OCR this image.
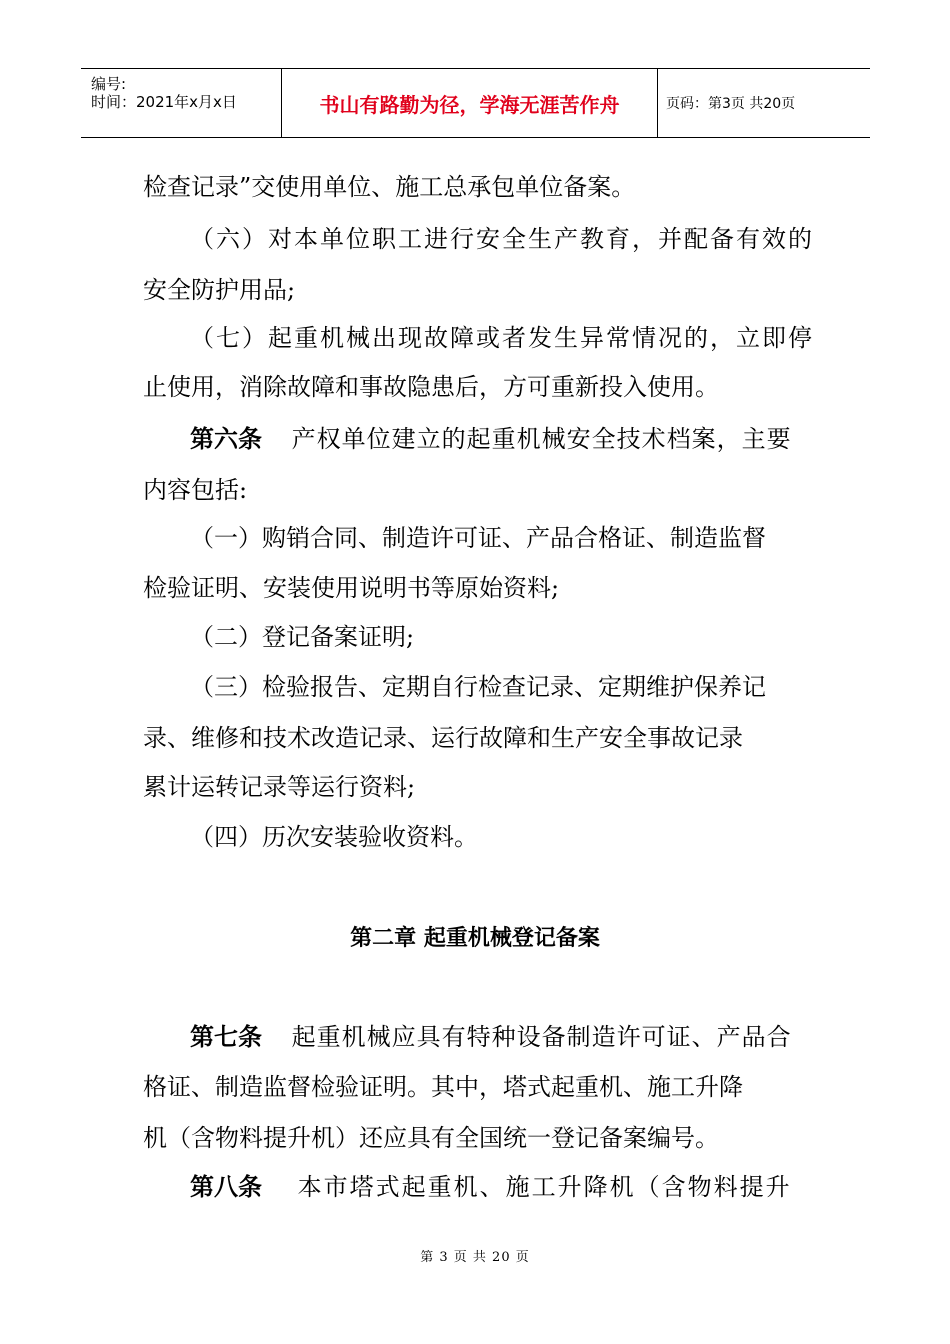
编号:
时间：2021年x月x日	书山有路勤为径，学海无涯苦作舟	页码：第3页 共20页
检查记录”交使用单位、施工总承包单位备案。
（六）对本单位职工进行安全生产教育，并配备有效的
安全防护用品;
（七）起重机械出现故障或者发生异常情况的，立即停
止使用，消除故障和事故隐患后，方可重新投入使用。
第六条 产权单位建立的起重机械安全技术档案，主要
内容包括:
（一）购销合同、制造许可证、产品合格证、制造监督
检验证明、安装使用说明书等原始资料;
（二）登记备案证明;
（三）检验报告、定期自行检查记录、定期维护保养记
录、维修和技术改造记录、运行故障和生产安全事故记录
累计运转记录等运行资料;
（四）历次安装验收资料。
第二章 起重机械登记备案
第七条 起重机械应具有特种设备制造许可证、产品合
格证、制造监督检验证明。其中，塔式起重机、施工升降
机（含物料提升机）还应具有全国统一登记备案编号。
第八条 本市塔式起重机、施工升降机（含物料提升
第 3 页 共 20 页
